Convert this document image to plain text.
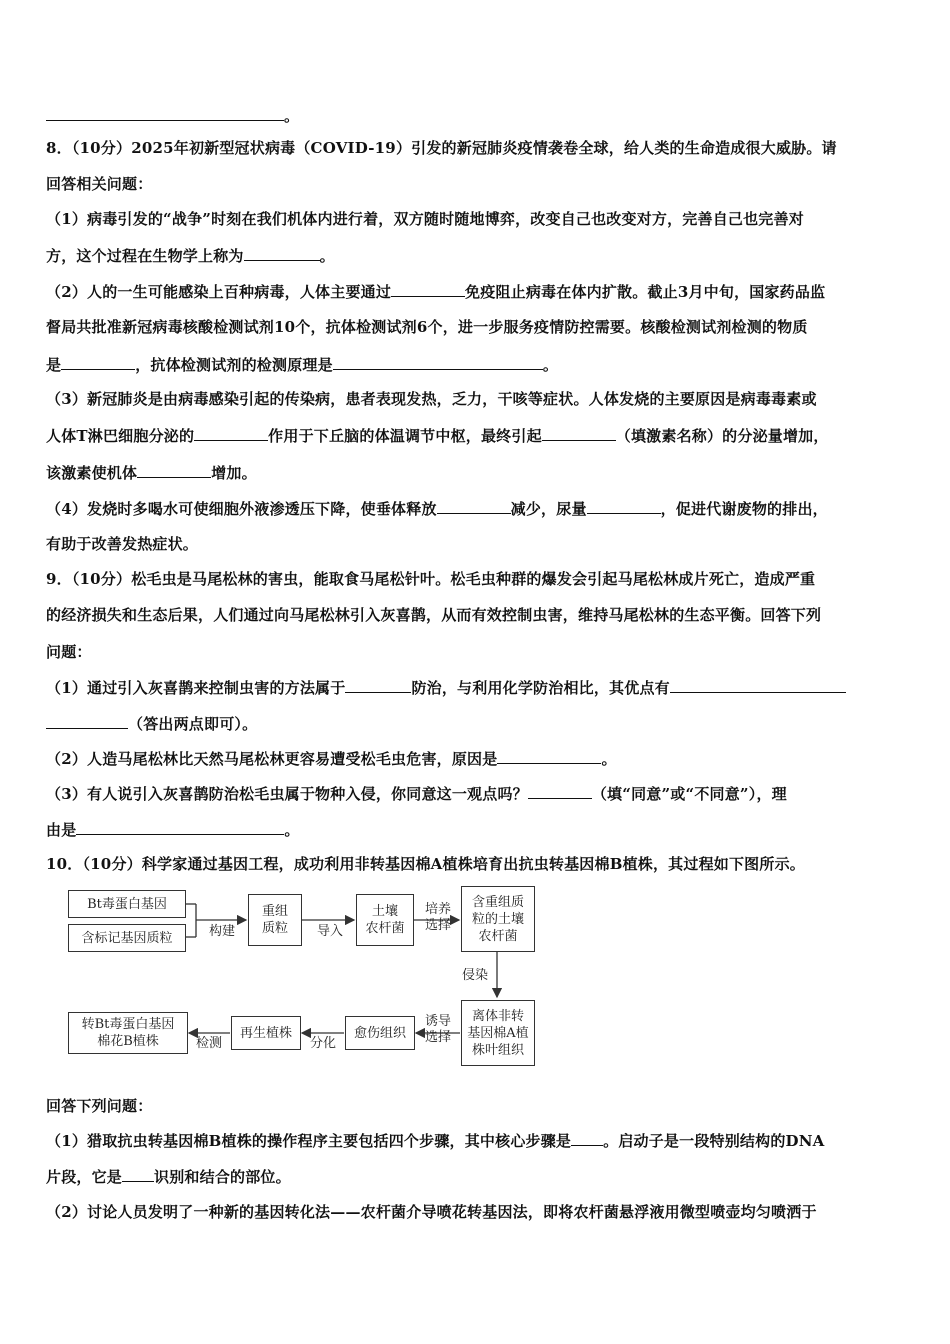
。
8．（10分）2025年初新型冠状病毒（COVID-19）引发的新冠肺炎疫情袭卷全球，给人类的生命造成很大威胁。请
回答相关问题：
（1）病毒引发的“战争”时刻在我们机体内进行着，双方随时随地博弈，改变自己也改变对方，完善自己也完善对
方，这个过程在生物学上称为	。
（2）人的一生可能感染上百种病毒，人体主要通过	免疫阻止病毒在体内扩散。截止3月中旬，国家药品监
督局共批准新冠病毒核酸检测试剂10个，抗体检测试剂6个，进一步服务疫情防控需要。核酸检测试剂检测的物质
是	，抗体检测试剂的检测原理是	。
（3）新冠肺炎是由病毒感染引起的传染病，患者表现发热，乏力，干咳等症状。人体发烧的主要原因是病毒毒素或
人体T淋巴细胞分泌的	作用于下丘脑的体温调节中枢，最终引起	（填激素名称）的分泌量增加，
该激素使机体	增加。
（4）发烧时多喝水可使细胞外液渗透压下降，使垂体释放	减少，尿量	，促进代谢废物的排出，
有助于改善发热症状。
9．（10分）松毛虫是马尾松林的害虫，能取食马尾松针叶。松毛虫种群的爆发会引起马尾松林成片死亡，造成严重
的经济损失和生态后果，人们通过向马尾松林引入灰喜鹊，从而有效控制虫害，维持马尾松林的生态平衡。回答下列
问题：
（1）通过引入灰喜鹊来控制虫害的方法属于	防治，与利用化学防治相比，其优点有
（答出两点即可）。
（2）人造马尾松林比天然马尾松林更容易遭受松毛虫危害，原因是	。
（3）有人说引入灰喜鹊防治松毛虫属于物种入侵，你同意这一观点吗？	（填“同意”或“不同意”），理
由是	。
10．（10分）科学家通过基因工程，成功利用非转基因棉A植株培育出抗虫转基因棉B植株，其过程如下图所示。
Bt毒蛋白基因
含标记基因质粒	构建
重组
质粒	导入
土壤
农杆菌
培养
选择
含重组质
粒的土壤
农杆菌
侵染
离体非转
基因棉A植
株叶组织
诱导
选择
愈伤组织
分化
再生植株
检测
转Bt毒蛋白基因
棉花B植株
回答下列问题：
（1）猎取抗虫转基因棉B植株的操作程序主要包括四个步骤，其中核心步骤是 。启动子是一段特别结构的DNA
片段，它是 识别和结合的部位。
（2）讨论人员发明了一种新的基因转化法——农杆菌介导喷花转基因法，即将农杆菌悬浮液用微型喷壶均匀喷洒于
